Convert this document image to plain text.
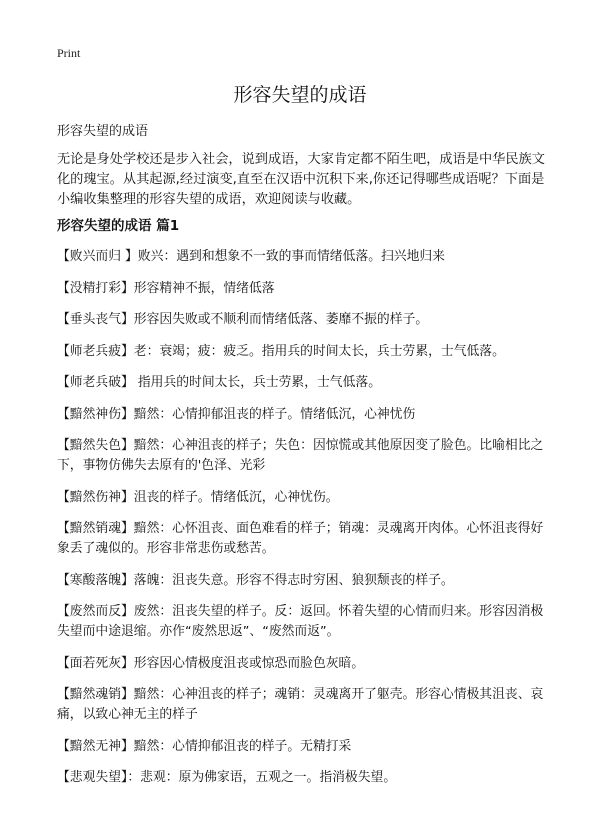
Print
形容失望的成语
形容失望的成语

无论是身处学校还是步入社会，说到成语，大家肯定都不陌生吧，成语是中华民族文化的瑰宝。从其起源,经过演变,直至在汉语中沉积下来,你还记得哪些成语呢？下面是小编收集整理的形容失望的成语，欢迎阅读与收藏。

形容失望的成语 篇1
【败兴而归 】败兴：遇到和想象不一致的事而情绪低落。扫兴地归来
【没精打彩】形容精神不振，情绪低落
【垂头丧气】形容因失败或不顺利而情绪低落、萎靡不振的样子。
【师老兵疲】老：衰竭；疲：疲乏。指用兵的时间太长，兵士劳累，士气低落。
【师老兵破】 指用兵的时间太长，兵士劳累，士气低落。
【黯然神伤】黯然：心情抑郁沮丧的样子。情绪低沉，心神忧伤
【黯然失色】黯然：心神沮丧的样子；失色：因惊慌或其他原因变了脸色。比喻相比之下，事物仿佛失去原有的'色泽、光彩
【黯然伤神】沮丧的样子。情绪低沉，心神忧伤。
【黯然销魂】黯然：心怀沮丧、面色难看的样子；销魂：灵魂离开肉体。心怀沮丧得好象丢了魂似的。形容非常悲伤或愁苦。
【寒酸落魄】落魄：沮丧失意。形容不得志时穷困、狼狈颓丧的样子。
【废然而反】废然：沮丧失望的样子。反：返回。怀着失望的心情而归来。形容因消极失望而中途退缩。亦作“废然思返”、“废然而返”。
【面若死灰】形容因心情极度沮丧或惊恐而脸色灰暗。
【黯然魂销】黯然：心神沮丧的样子；魂销：灵魂离开了躯壳。形容心情极其沮丧、哀痛，以致心神无主的样子
【黯然无神】黯然：心情抑郁沮丧的样子。无精打采
【悲观失望】：悲观：原为佛家语，五观之一。指消极失望。
